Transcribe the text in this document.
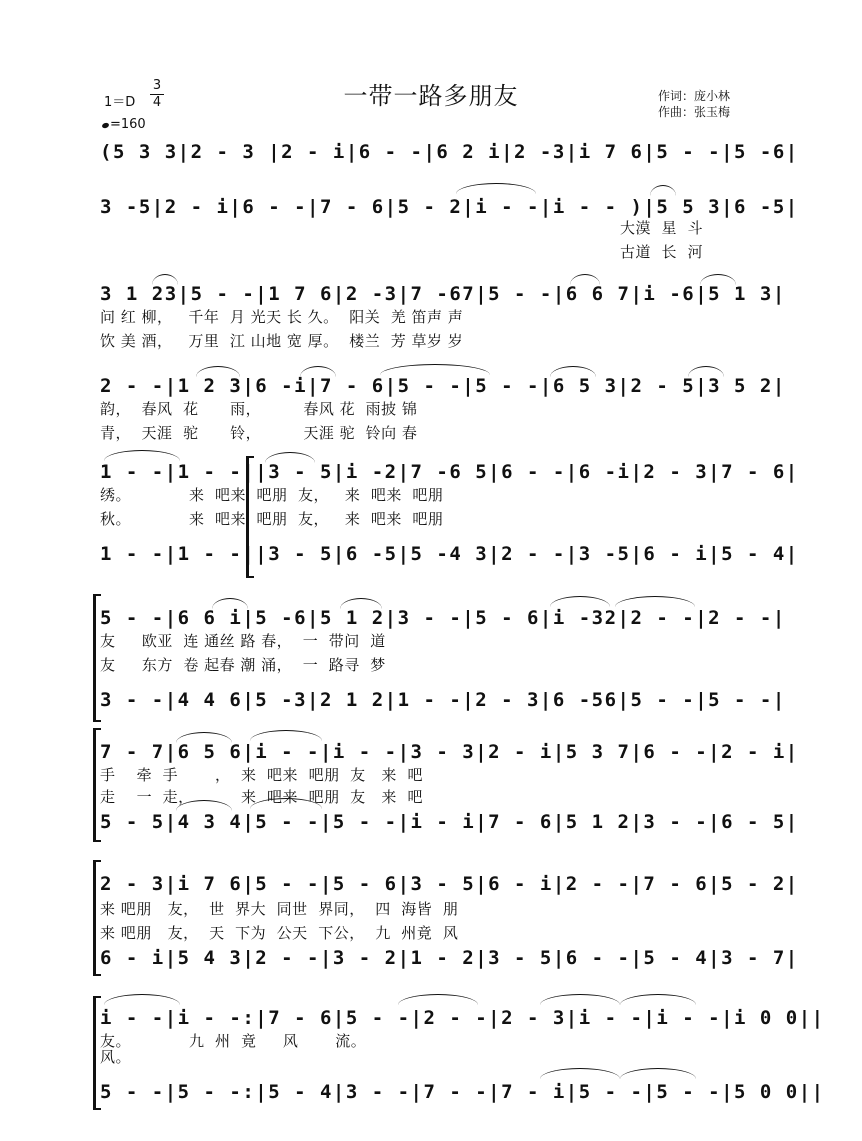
一带一路多朋友
1＝D
3
4
=160
作词：庞小林
作曲：张玉梅
(5 3 3|2 - 3 |2 - i|6 - -|6 2 i|2 -3|i 7 6|5 - -|5 -6|
3 -5|2 - i|6 - -|7 - 6|5 - 2|i - -|i - - )|5 5 3|6 -5|
大漠  星  斗
古道  长  河
3 1 23|5 - -|1 7 6|2 -3|7 -67|5 - -|6 6 7|i -6|5 1 3|
问 红 柳，   千年  月 光天 长 久。  阳关  羌 笛声 声
饮 美 酒，   万里  江 山地 宽 厚。  楼兰  芳 草岁 岁
2 - -|1 2 3|6 -i|7 - 6|5 - -|5 - -|6 5 3|2 - 5|3 5 2|
韵，  春风  花      雨，        春风 花  雨披 锦
青，  天涯  驼      铃，        天涯 驼  铃向 春
1 - -|1 - -||3 - 5|i -2|7 -6 5|6 - -|6 -i|2 - 3|7 - 6|
绣。           来  吧来  吧朋  友，   来  吧来  吧朋
秋。           来  吧来  吧朋  友，   来  吧来  吧朋
1 - -|1 - -||3 - 5|6 -5|5 -4 3|2 - -|3 -5|6 - i|5 - 4|
5 - -|6 6 i|5 -6|5 1 2|3 - -|5 - 6|i -32|2 - -|2 - -|
友     欧亚  连 通丝 路 春，  一  带问  道
友     东方  卷 起春 潮 涌，  一  路寻  梦
3 - -|4 4 6|5 -3|2 1 2|1 - -|2 - 3|6 -56|5 - -|5 - -|
7 - 7|6 5 6|i - -|i - -|3 - 3|2 - i|5 3 7|6 - -|2 - i|
手    牵  手       ，  来  吧来  吧朋  友   来  吧
走    一  走，         来  吧来  吧朋  友   来  吧
5 - 5|4 3 4|5 - -|5 - -|i - i|7 - 6|5 1 2|3 - -|6 - 5|
2 - 3|i 7 6|5 - -|5 - 6|3 - 5|6 - i|2 - -|7 - 6|5 - 2|
来 吧朋   友，  世  界大  同世  界同，  四  海皆  朋
来 吧朋   友，  天  下为  公天  下公，  九  州竟  风
6 - i|5 4 3|2 - -|3 - 2|1 - 2|3 - 5|6 - -|5 - 4|3 - 7|
i - -|i - -:|7 - 6|5 - -|2 - -|2 - 3|i - -|i - -|i 0 0||
友。           九  州  竟     风       流。
风。
5 - -|5 - -:|5 - 4|3 - -|7 - -|7 - i|5 - -|5 - -|5 0 0||
